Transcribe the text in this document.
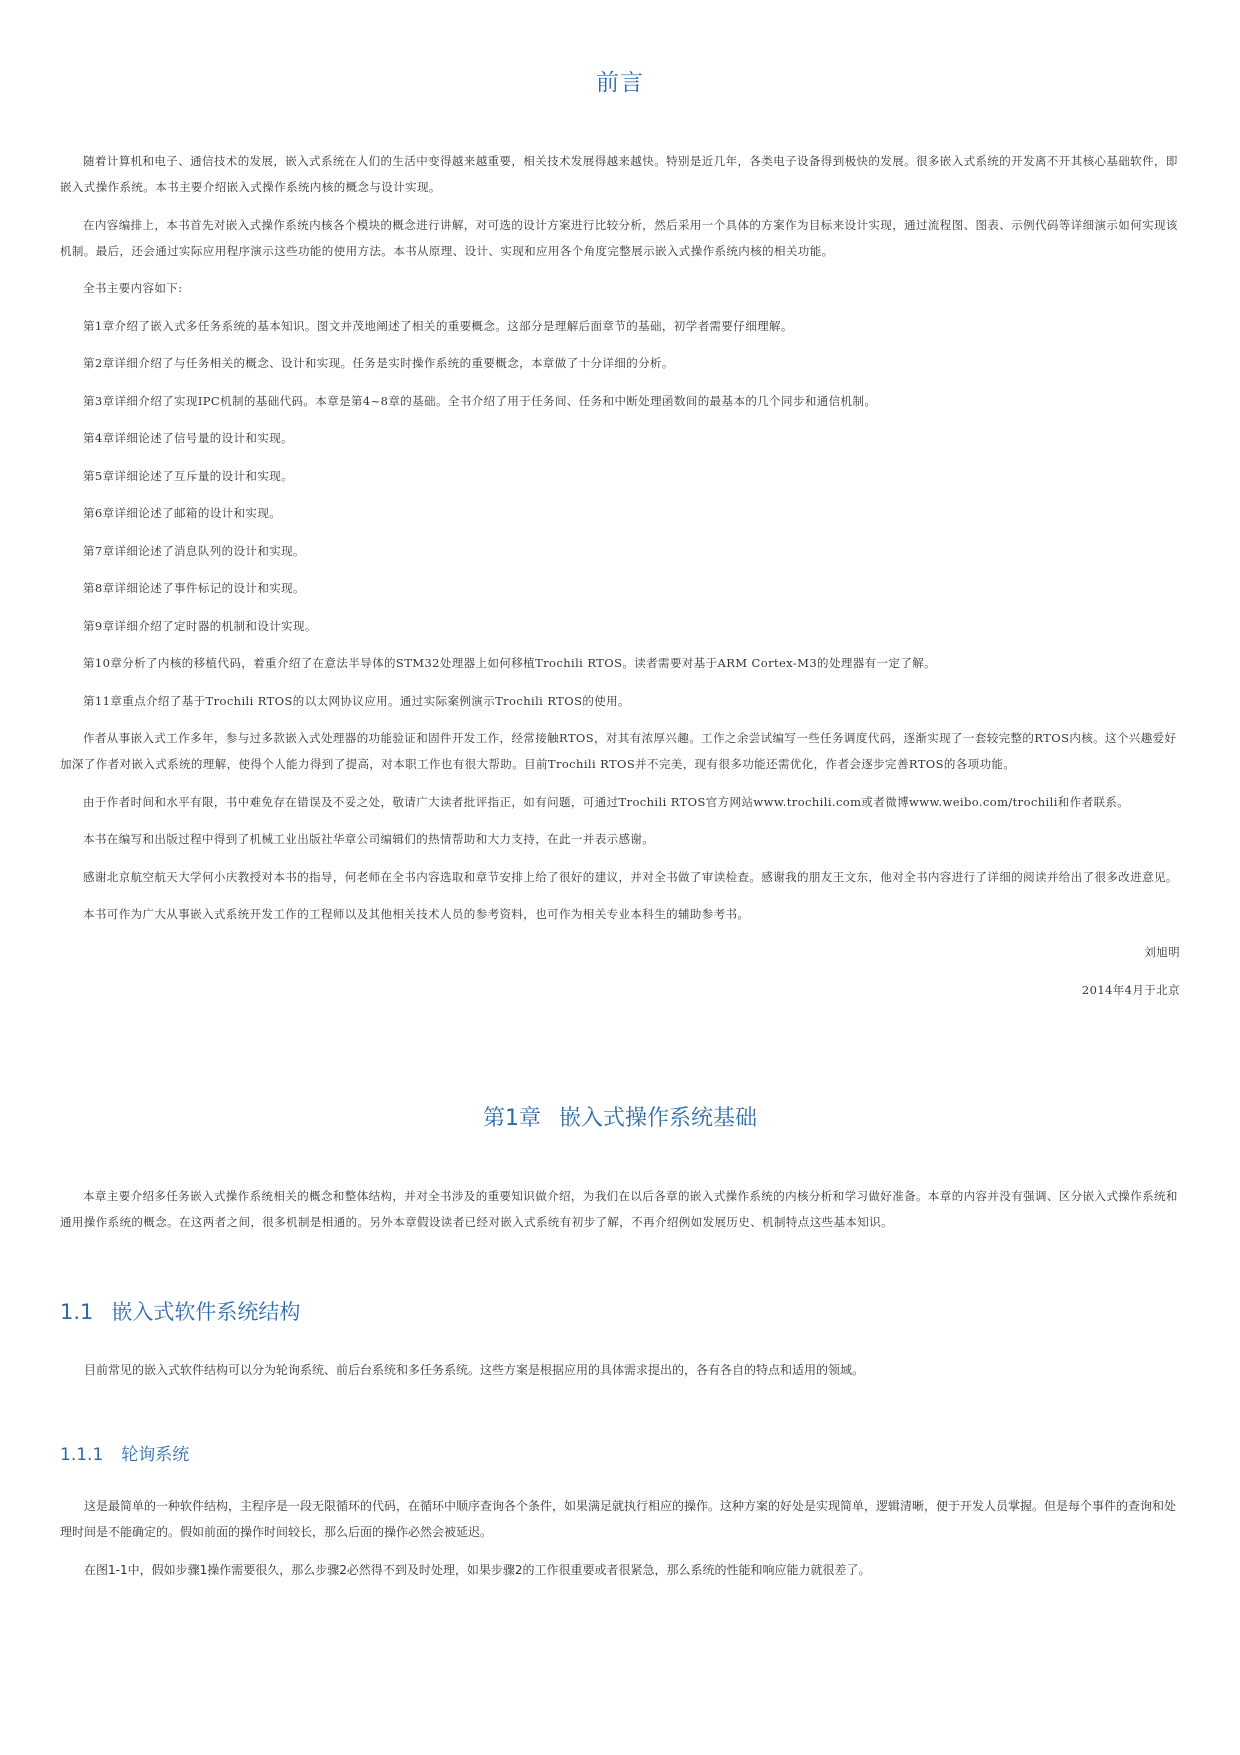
前言

随着计算机和电子、通信技术的发展，嵌入式系统在人们的生活中变得越来越重要，相关技术发展得越来越快。特别是近几年，各类电子设备得到极快的发展。很多嵌入式系统的开发离不开其核心基础软件，即嵌入式操作系统。本书主要介绍嵌入式操作系统内核的概念与设计实现。

在内容编排上，本书首先对嵌入式操作系统内核各个模块的概念进行讲解，对可选的设计方案进行比较分析，然后采用一个具体的方案作为目标来设计实现，通过流程图、图表、示例代码等详细演示如何实现该机制。最后，还会通过实际应用程序演示这些功能的使用方法。本书从原理、设计、实现和应用各个角度完整展示嵌入式操作系统内核的相关功能。

全书主要内容如下:

第1章介绍了嵌入式多任务系统的基本知识。图文并茂地阐述了相关的重要概念。这部分是理解后面章节的基础，初学者需要仔细理解。

第2章详细介绍了与任务相关的概念、设计和实现。任务是实时操作系统的重要概念，本章做了十分详细的分析。

第3章详细介绍了实现IPC机制的基础代码。本章是第4~8章的基础。全书介绍了用于任务间、任务和中断处理函数间的最基本的几个同步和通信机制。

第4章详细论述了信号量的设计和实现。

第5章详细论述了互斥量的设计和实现。

第6章详细论述了邮箱的设计和实现。

第7章详细论述了消息队列的设计和实现。

第8章详细论述了事件标记的设计和实现。

第9章详细介绍了定时器的机制和设计实现。

第10章分析了内核的移植代码，着重介绍了在意法半导体的STM32处理器上如何移植Trochili RTOS。读者需要对基于ARM Cortex-M3的处理器有一定了解。

第11章重点介绍了基于Trochili RTOS的以太网协议应用。通过实际案例演示Trochili RTOS的使用。

作者从事嵌入式工作多年，参与过多款嵌入式处理器的功能验证和固件开发工作，经常接触RTOS，对其有浓厚兴趣。工作之余尝试编写一些任务调度代码，逐渐实现了一套较完整的RTOS内核。这个兴趣爱好加深了作者对嵌入式系统的理解，使得个人能力得到了提高，对本职工作也有很大帮助。目前Trochili RTOS并不完美，现有很多功能还需优化，作者会逐步完善RTOS的各项功能。

由于作者时间和水平有限，书中难免存在错误及不妥之处，敬请广大读者批评指正，如有问题，可通过Trochili RTOS官方网站www.trochili.com或者微博www.weibo.com/trochili和作者联系。

本书在编写和出版过程中得到了机械工业出版社华章公司编辑们的热情帮助和大力支持，在此一并表示感谢。

感谢北京航空航天大学何小庆教授对本书的指导，何老师在全书内容选取和章节安排上给了很好的建议，并对全书做了审读检查。感谢我的朋友王文东，他对全书内容进行了详细的阅读并给出了很多改进意见。

本书可作为广大从事嵌入式系统开发工作的工程师以及其他相关技术人员的参考资料，也可作为相关专业本科生的辅助参考书。

刘旭明

2014年4月于北京

第1章 嵌入式操作系统基础

本章主要介绍多任务嵌入式操作系统相关的概念和整体结构，并对全书涉及的重要知识做介绍，为我们在以后各章的嵌入式操作系统的内核分析和学习做好准备。本章的内容并没有强调、区分嵌入式操作系统和通用操作系统的概念。在这两者之间，很多机制是相通的。另外本章假设读者已经对嵌入式系统有初步了解，不再介绍例如发展历史、机制特点这些基本知识。

1.1 嵌入式软件系统结构

目前常见的嵌入式软件结构可以分为轮询系统、前后台系统和多任务系统。这些方案是根据应用的具体需求提出的，各有各自的特点和适用的领域。

1.1.1 轮询系统

这是最简单的一种软件结构，主程序是一段无限循环的代码，在循环中顺序查询各个条件，如果满足就执行相应的操作。这种方案的好处是实现简单，逻辑清晰，便于开发人员掌握。但是每个事件的查询和处理时间是不能确定的。假如前面的操作时间较长，那么后面的操作必然会被延迟。

在图1-1中，假如步骤1操作需要很久，那么步骤2必然得不到及时处理，如果步骤2的工作很重要或者很紧急，那么系统的性能和响应能力就很差了。
